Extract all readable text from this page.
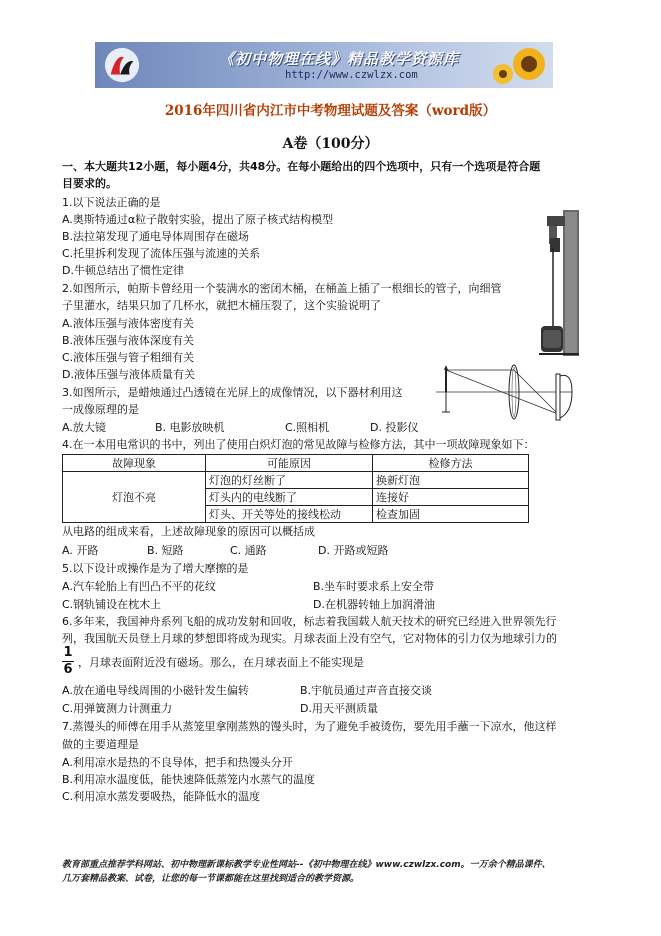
《初中物理在线》精品教学资源库
http://www.czwlzx.com
2016年四川省内江市中考物理试题及答案（word版）
A卷（100分）
一、本大题共12小题，每小题4分，共48分。在每小题给出的四个选项中，只有一个选项是符合题
目要求的。
1.以下说法正确的是
A.奥斯特通过α粒子散射实验，提出了原子核式结构模型
B.法拉第发现了通电导体周围存在磁场
C.托里拆利发现了流体压强与流速的关系
D.牛顿总结出了惯性定律
2.如图所示，帕斯卡曾经用一个装满水的密闭木桶，在桶盖上插了一根细长的管子，向细管
子里灌水，结果只加了几杯水，就把木桶压裂了，这个实验说明了
A.液体压强与液体密度有关
B.液体压强与液体深度有关
C.液体压强与管子粗细有关
D.液体压强与液体质量有关
3.如图所示，是蜡烛通过凸透镜在光屏上的成像情况，以下器材利用这
一成像原理的是
A.放大镜	B. 电影放映机	C.照相机	D. 投影仪
4.在一本用电常识的书中，列出了使用白炽灯泡的常见故障与检修方法，其中一项故障现象如下：
故障现象	可能原因	检修方法
灯泡不亮	灯泡的灯丝断了	换新灯泡
	灯头内的电线断了	连接好
	灯头、开关等处的接线松动	检查加固
从电路的组成来看，上述故障现象的原因可以概括成
A. 开路	B. 短路	C. 通路	D. 开路或短路
5.以下设计或操作是为了增大摩擦的是
A.汽车轮胎上有凹凸不平的花纹	B.坐车时要求系上安全带
C.钢轨铺设在枕木上	D.在机器转轴上加润滑油
6.多年来，我国神舟系列飞船的成功发射和回收，标志着我国载人航天技术的研究已经进入世界领先行
列，我国航天员登上月球的梦想即将成为现实。月球表面上没有空气，它对物体的引力仅为地球引力的
1
6 ，月球表面附近没有磁场。那么，在月球表面上不能实现是
A.放在通电导线周围的小磁针发生偏转	B.宇航员通过声音直接交谈
C.用弹簧测力计测重力	D.用天平测质量
7.蒸馒头的师傅在用手从蒸笼里拿刚蒸熟的馒头时，为了避免手被烫伤，要先用手蘸一下凉水，他这样
做的主要道理是
A.利用凉水是热的不良导体，把手和热馒头分开
B.利用凉水温度低，能快速降低蒸笼内水蒸气的温度
C.利用凉水蒸发要吸热，能降低水的温度
教育部重点推荐学科网站、初中物理新课标教学专业性网站--《初中物理在线》www.czwlzx.com。一万余个精品课件、
几万套精品教案、试卷，让您的每一节课都能在这里找到适合的教学资源。
